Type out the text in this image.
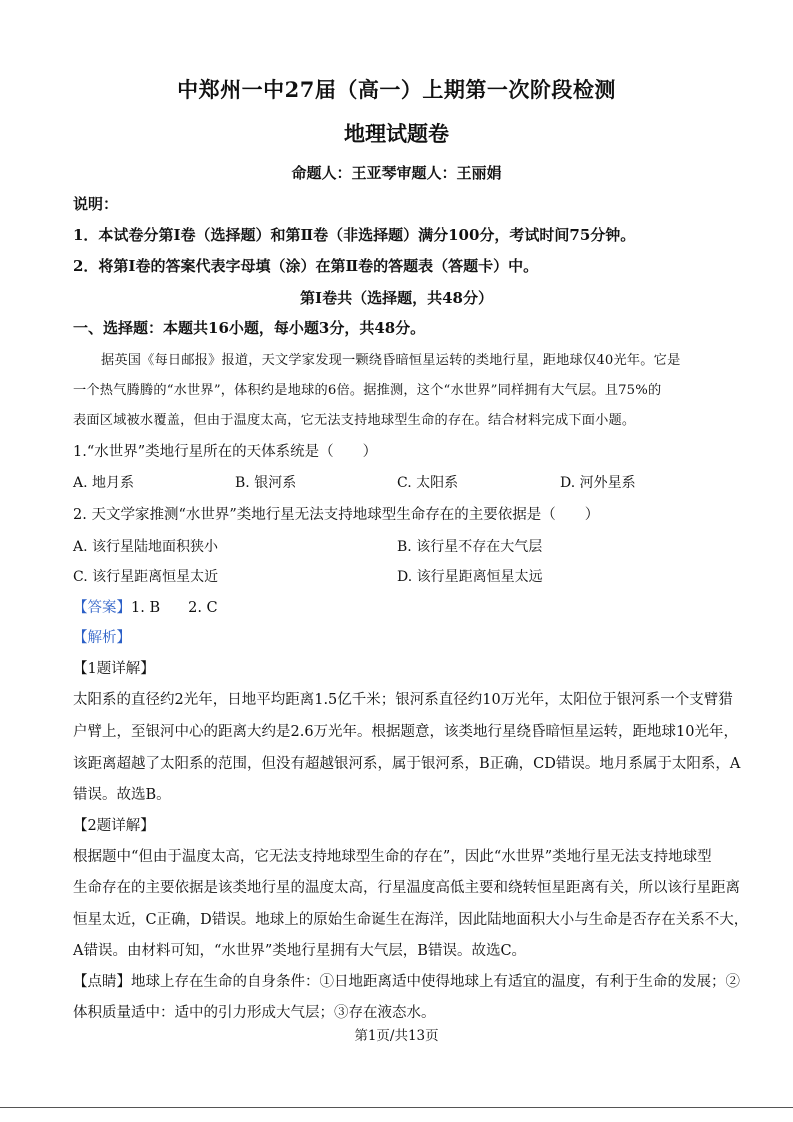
中郑州一中27届（高一）上期第一次阶段检测
地理试题卷
命题人：王亚琴审题人：王丽娟
说明：
1．本试卷分第Ⅰ卷（选择题）和第Ⅱ卷（非选择题）满分100分，考试时间75分钟。
2．将第Ⅰ卷的答案代表字母填（涂）在第Ⅱ卷的答题表（答题卡）中。
第Ⅰ卷共（选择题，共48分）
一、选择题：本题共16小题，每小题3分，共48分。
据英国《每日邮报》报道，天文学家发现一颗绕昏暗恒星运转的类地行星，距地球仅40光年。它是
一个热气腾腾的“水世界”，体积约是地球的6倍。据推测，这个“水世界”同样拥有大气层。且75%的
表面区域被水覆盖，但由于温度太高，它无法支持地球型生命的存在。结合材料完成下面小题。
1.“水世界”类地行星所在的天体系统是（　　）
A. 地月系	B. 银河系	C. 太阳系	D. 河外星系
2. 天文学家推测“水世界”类地行星无法支持地球型生命存在的主要依据是（　　）
A. 该行星陆地面积狭小	B. 该行星不存在大气层
C. 该行星距离恒星太近	D. 该行星距离恒星太远
【答案】1. B 2. C
【解析】
【1题详解】
太阳系的直径约2光年，日地平均距离1.5亿千米；银河系直径约10万光年，太阳位于银河系一个支臂猎
户臂上，至银河中心的距离大约是2.6万光年。根据题意，该类地行星绕昏暗恒星运转，距地球10光年，
该距离超越了太阳系的范围，但没有超越银河系，属于银河系，B正确，CD错误。地月系属于太阳系，A
错误。故选B。
【2题详解】
根据题中“但由于温度太高，它无法支持地球型生命的存在”，因此“水世界”类地行星无法支持地球型
生命存在的主要依据是该类地行星的温度太高，行星温度高低主要和绕转恒星距离有关，所以该行星距离
恒星太近，C正确，D错误。地球上的原始生命诞生在海洋，因此陆地面积大小与生命是否存在关系不大，
A错误。由材料可知，“水世界”类地行星拥有大气层，B错误。故选C。
【点睛】地球上存在生命的自身条件：①日地距离适中使得地球上有适宜的温度，有利于生命的发展；②
体积质量适中：适中的引力形成大气层；③存在液态水。
第1页/共13页
